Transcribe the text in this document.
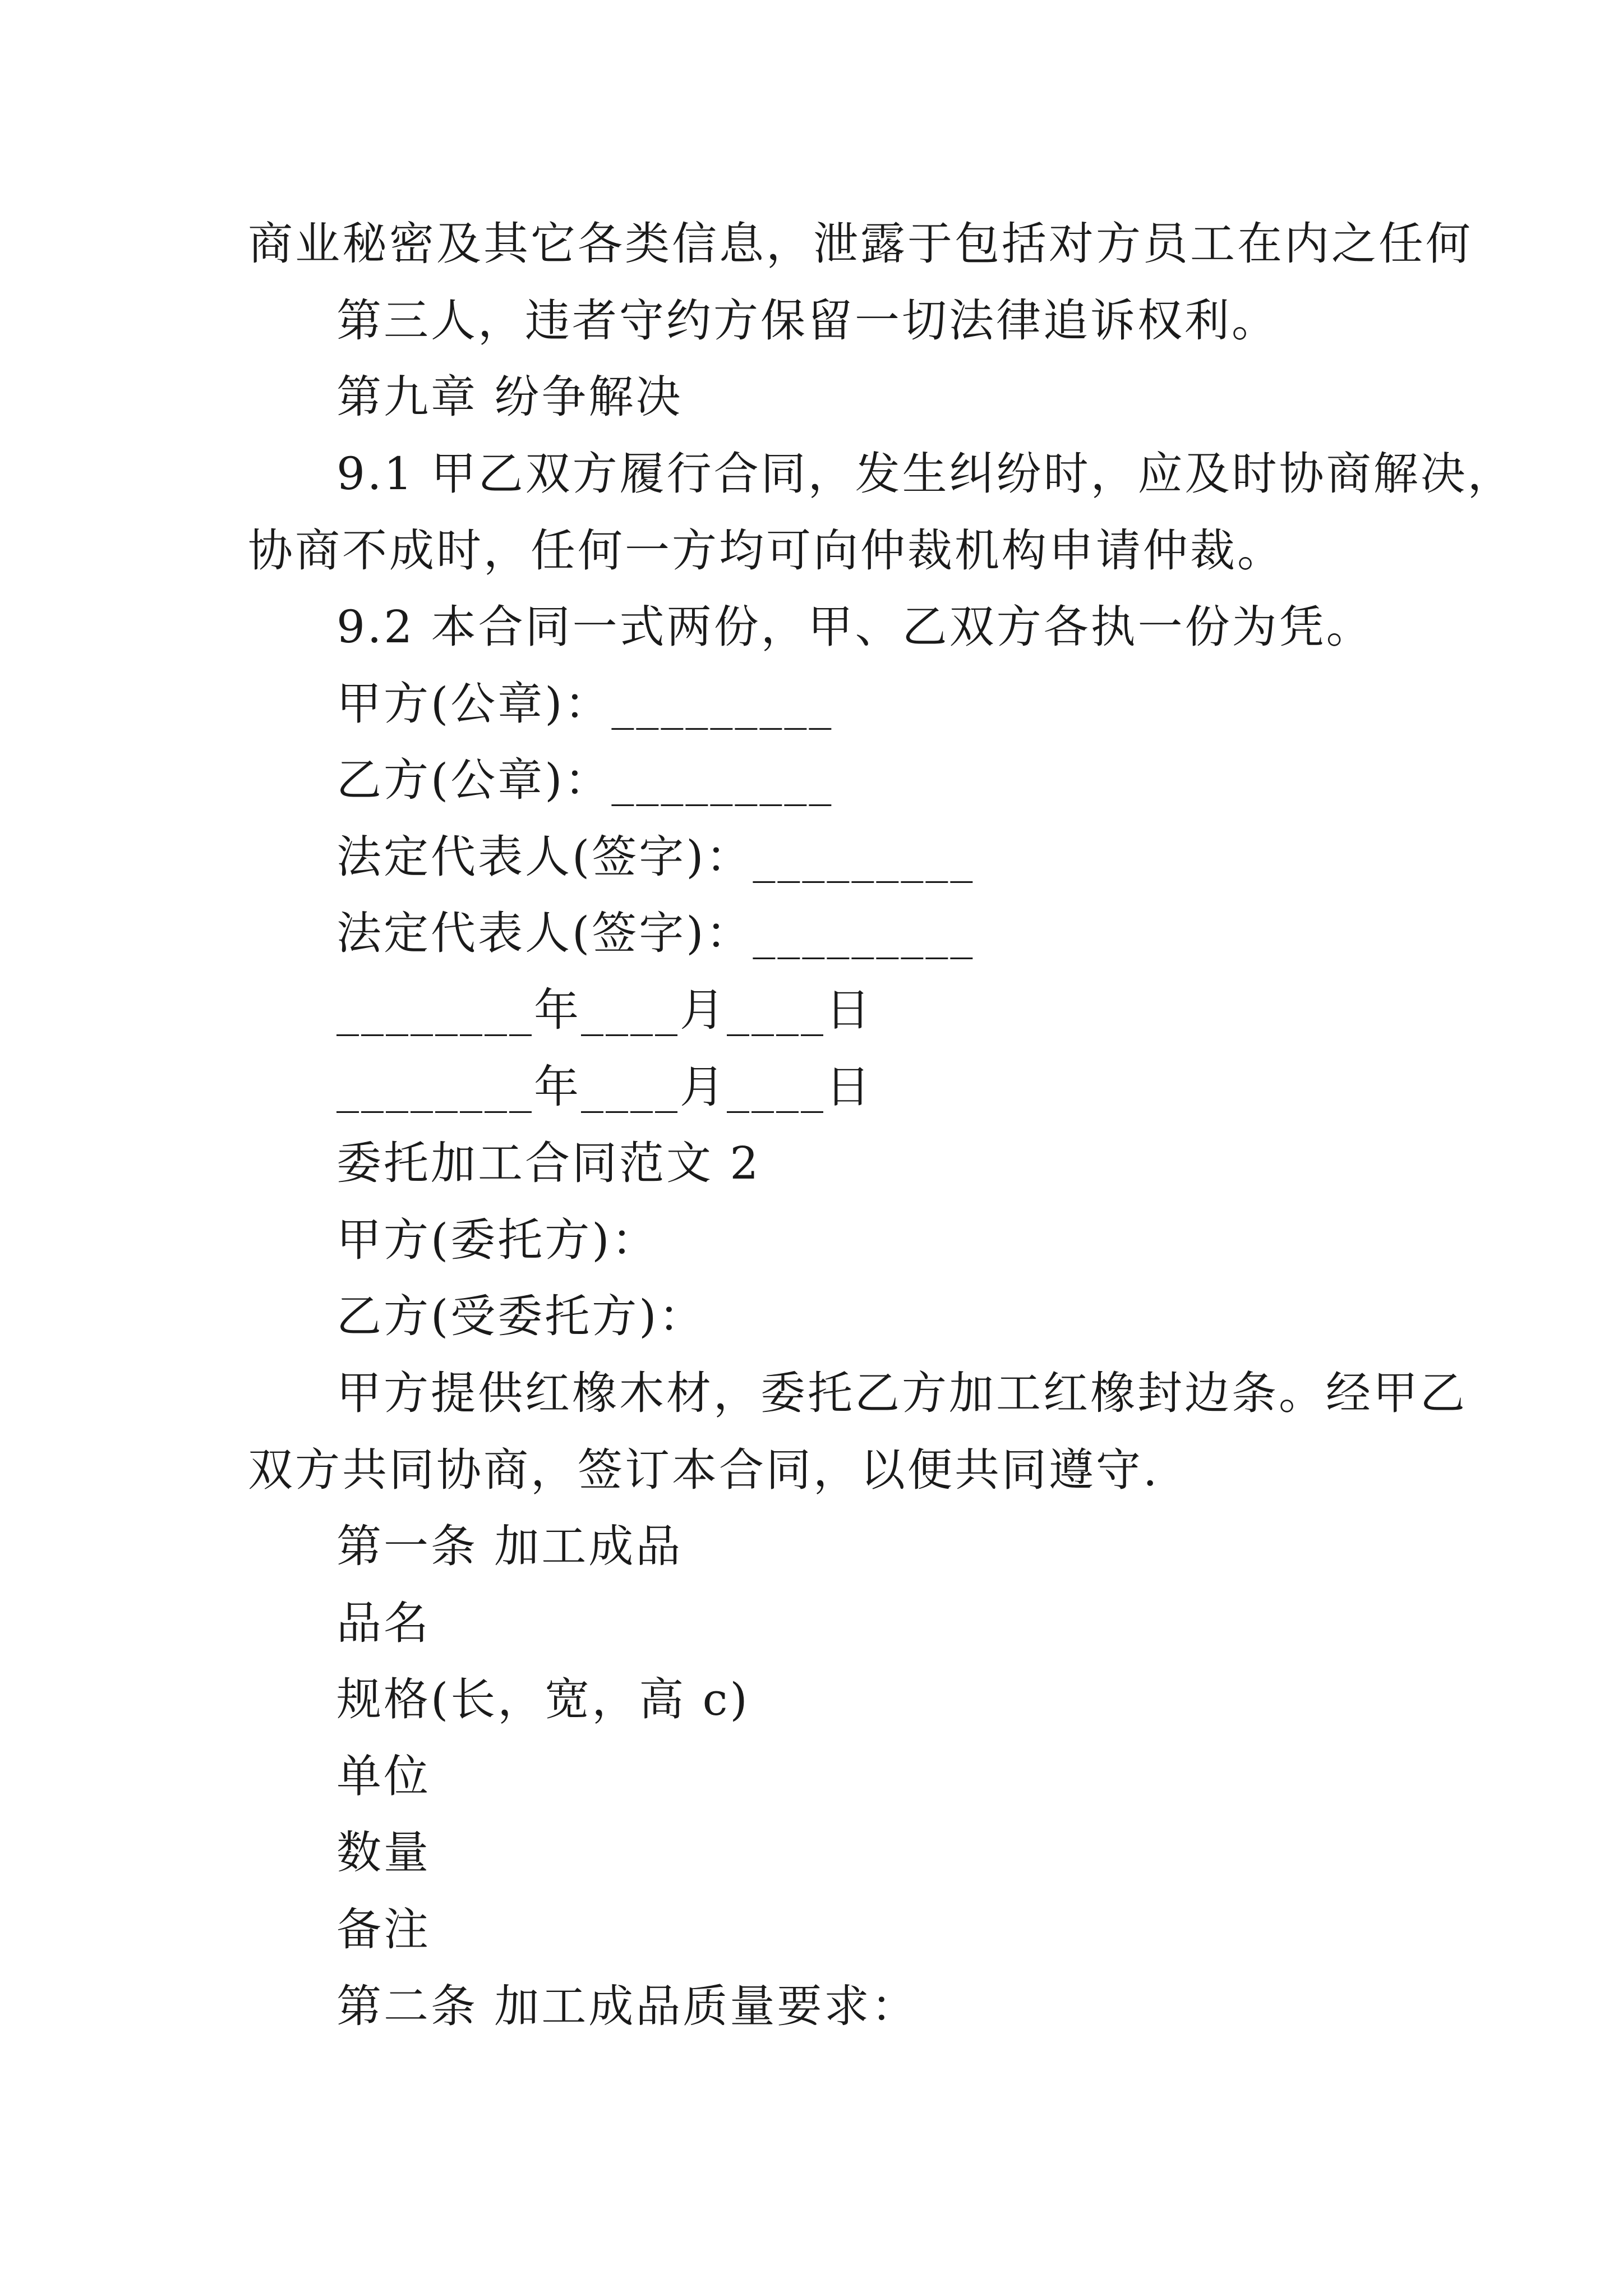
商业秘密及其它各类信息，泄露于包括对方员工在内之任何
第三人，违者守约方保留一切法律追诉权利。
第九章 纷争解决
9.1 甲乙双方履行合同，发生纠纷时，应及时协商解决，
协商不成时，任何一方均可向仲裁机构申请仲裁。
9.2 本合同一式两份，甲、乙双方各执一份为凭。
甲方(公章)：_________
乙方(公章)：_________
法定代表人(签字)：_________
法定代表人(签字)：_________
________年____月____日
________年____月____日
委托加工合同范文 2
甲方(委托方)：
乙方(受委托方)：
甲方提供红橡木材，委托乙方加工红橡封边条。经甲乙
双方共同协商，签订本合同，以便共同遵守.
第一条 加工成品
品名
规格(长，宽，高 c)
单位
数量
备注
第二条 加工成品质量要求：
